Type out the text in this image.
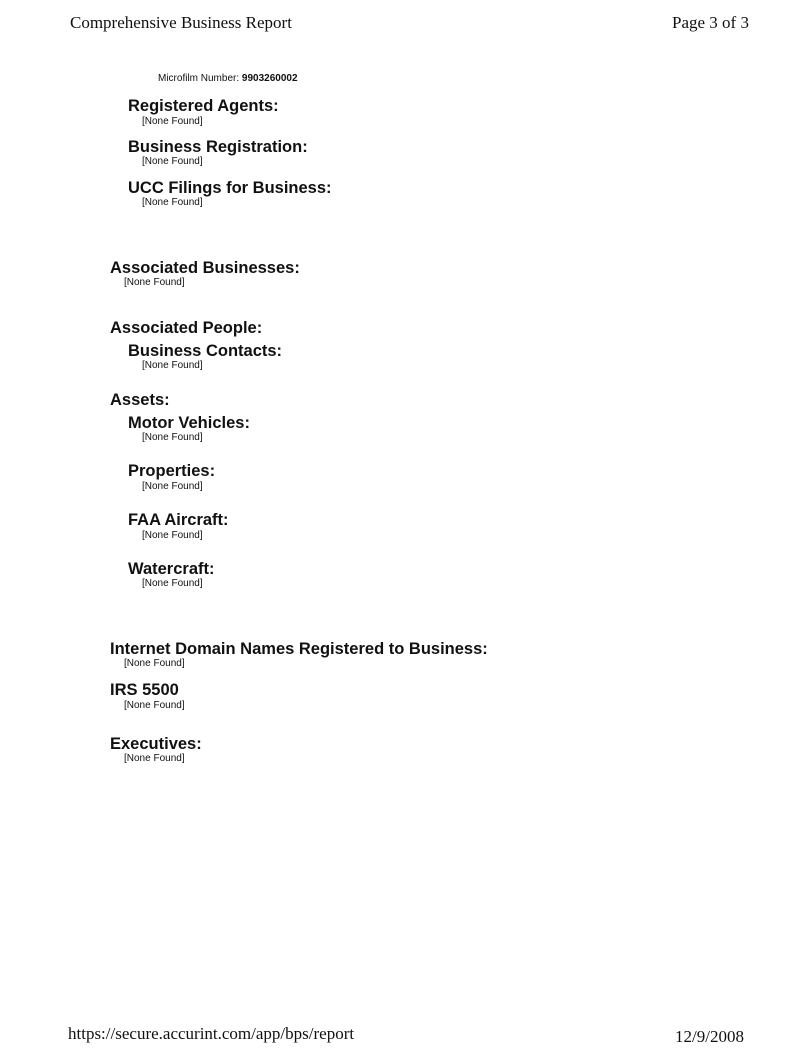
Comprehensive Business Report	Page 3 of 3
Microfilm Number: 9903260002
Registered Agents:
[None Found]
Business Registration:
[None Found]
UCC Filings for Business:
[None Found]
Associated Businesses:
[None Found]
Associated People:
Business Contacts:
[None Found]
Assets:
Motor Vehicles:
[None Found]
Properties:
[None Found]
FAA Aircraft:
[None Found]
Watercraft:
[None Found]
Internet Domain Names Registered to Business:
[None Found]
IRS 5500
[None Found]
Executives:
[None Found]
https://secure.accurint.com/app/bps/report	12/9/2008
